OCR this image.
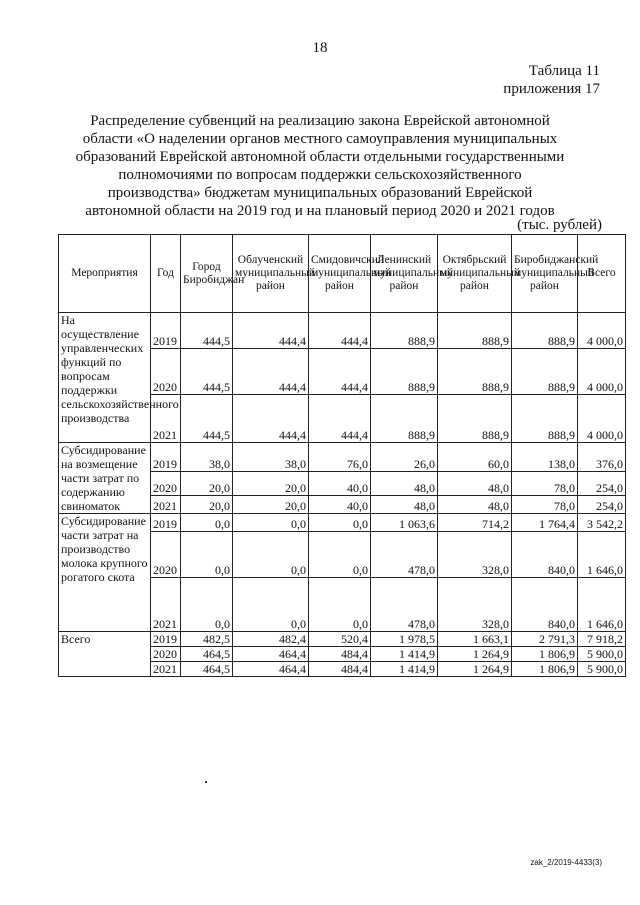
18
Таблица 11
приложения 17
Распределение субвенций на реализацию закона Еврейской автономной области «О наделении органов местного самоуправления муниципальных образований Еврейской автономной области отдельными государственными полномочиями по вопросам поддержки сельскохозяйственного производства» бюджетам муниципальных образований Еврейской автономной области на 2019 год и на плановый период 2020 и 2021 годов
(тыс. рублей)
Мероприятия	Год	Город Биробиджан	Облученский муниципальный район	Смидовичский муниципальный район	Ленинский муниципальный район	Октябрьский муниципальный район	Биробиджанский муниципальный район	Всего
На осуществление управленческих функций по вопросам поддержки сельскохозяйственного производства	2019	444,5	444,4	444,4	888,9	888,9	888,9	4 000,0
	2020	444,5	444,4	444,4	888,9	888,9	888,9	4 000,0
	2021	444,5	444,4	444,4	888,9	888,9	888,9	4 000,0
Субсидирование на возмещение части затрат по содержанию свиноматок	2019	38,0	38,0	76,0	26,0	60,0	138,0	376,0
	2020	20,0	20,0	40,0	48,0	48,0	78,0	254,0
	2021	20,0	20,0	40,0	48,0	48,0	78,0	254,0
Субсидирование части затрат на производство молока крупного рогатого скота	2019	0,0	0,0	0,0	1 063,6	714,2	1 764,4	3 542,2
	2020	0,0	0,0	0,0	478,0	328,0	840,0	1 646,0
	2021	0,0	0,0	0,0	478,0	328,0	840,0	1 646,0
Всего	2019	482,5	482,4	520,4	1 978,5	1 663,1	2 791,3	7 918,2
	2020	464,5	464,4	484,4	1 414,9	1 264,9	1 806,9	5 900,0
	2021	464,5	464,4	484,4	1 414,9	1 264,9	1 806,9	5 900,0
zak_2/2019-4433(3)
